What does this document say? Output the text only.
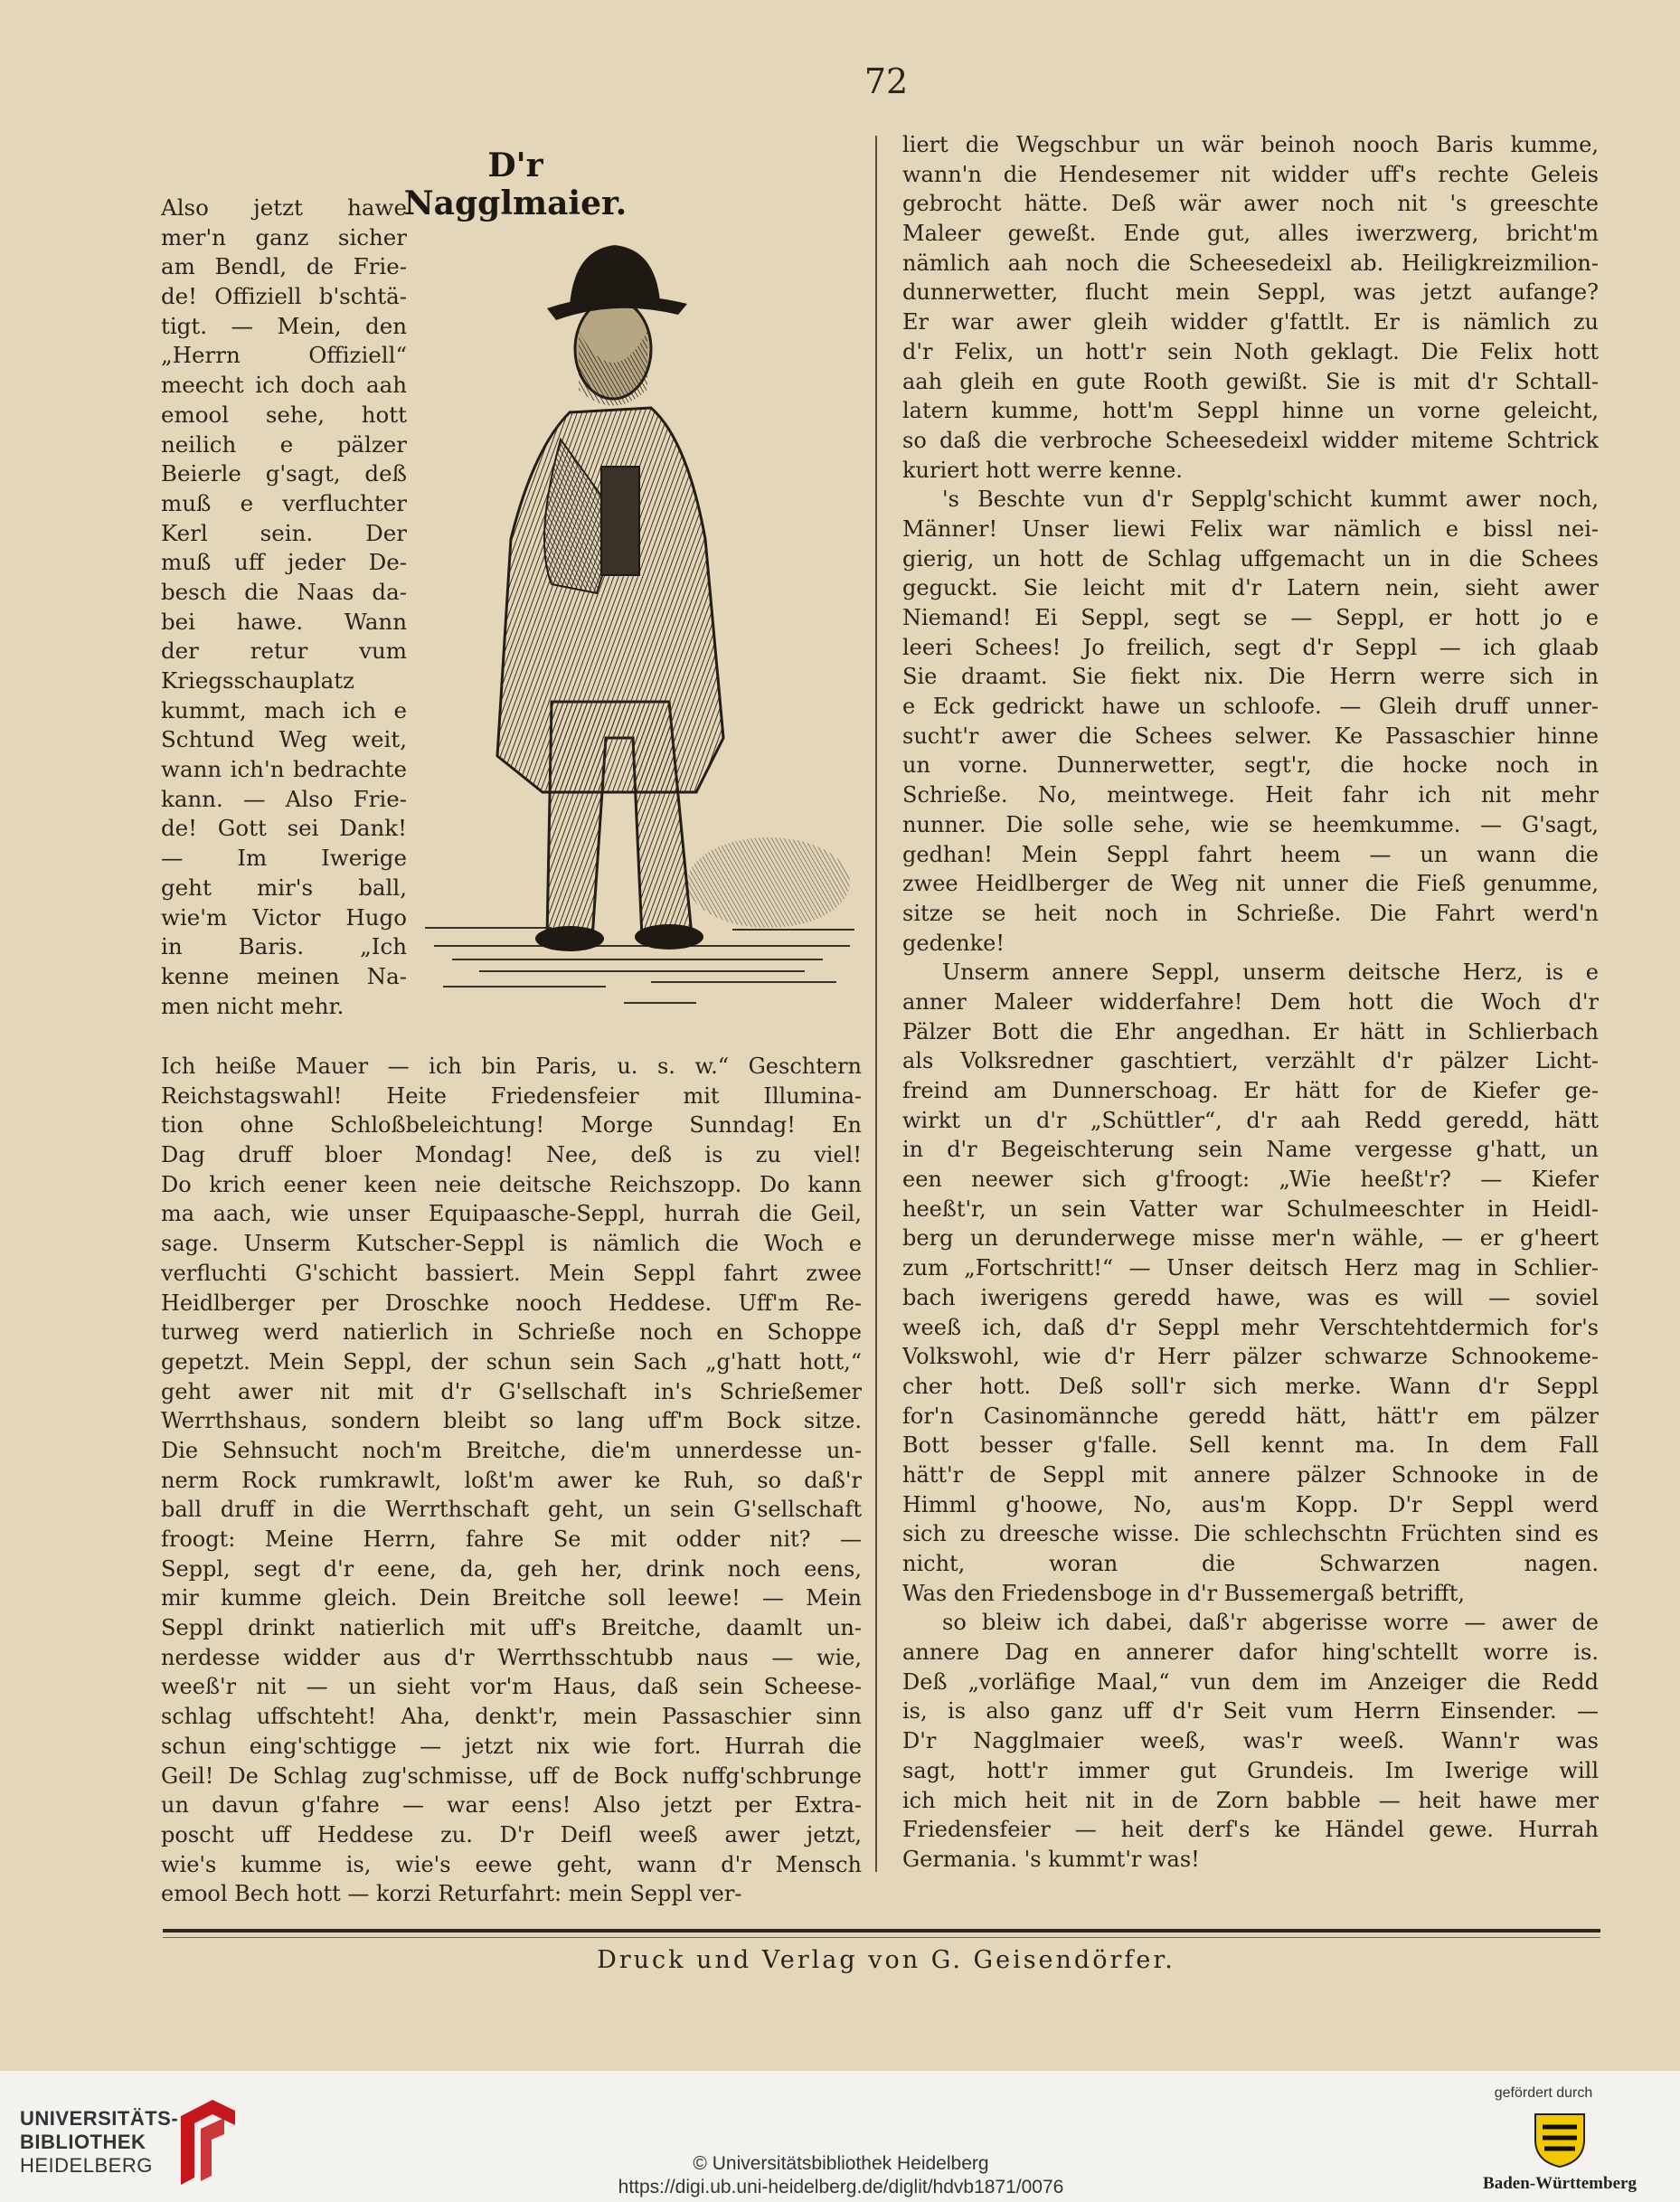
72
D'r Nagglmaier.
Also jetzt hawe
mer'n ganz sicher
am Bendl, de Frie-
de! Offiziell b'schtä-
tigt. — Mein, den
„Herrn Offiziell“
meecht ich doch aah
emool sehe, hott
neilich e pälzer
Beierle g'sagt, deß
muß e verfluchter
Kerl sein. Der
muß uff jeder De-
besch die Naas da-
bei hawe. Wann
der retur vum
Kriegsschauplatz
kummt, mach ich e
Schtund Weg weit,
wann ich'n bedrachte
kann. — Also Frie-
de! Gott sei Dank!
— Im Iwerige
geht mir's ball,
wie'm Victor Hugo
in Baris. „Ich
kenne meinen Na-
men nicht mehr.
Ich heiße Mauer — ich bin Paris, u. s. w.“ Geschtern
Reichstagswahl! Heite Friedensfeier mit Illumina-
tion ohne Schloßbeleichtung! Morge Sunndag! En
Dag druff bloer Mondag! Nee, deß is zu viel!
Do krich eener keen neie deitsche Reichszopp. Do kann
ma aach, wie unser Equipaasche-Seppl, hurrah die Geil,
sage. Unserm Kutscher-Seppl is nämlich die Woch e
verfluchti G'schicht bassiert. Mein Seppl fahrt zwee
Heidlberger per Droschke nooch Heddese. Uff'm Re-
turweg werd natierlich in Schrieße noch en Schoppe
gepetzt. Mein Seppl, der schun sein Sach „g'hatt hott,“
geht awer nit mit d'r G'sellschaft in's Schrießemer
Werrthshaus, sondern bleibt so lang uff'm Bock sitze.
Die Sehnsucht noch'm Breitche, die'm unnerdesse un-
nerm Rock rumkrawlt, loßt'm awer ke Ruh, so daß'r
ball druff in die Werrthschaft geht, un sein G'sellschaft
froogt: Meine Herrn, fahre Se mit odder nit? —
Seppl, segt d'r eene, da, geh her, drink noch eens,
mir kumme gleich. Dein Breitche soll leewe! — Mein
Seppl drinkt natierlich mit uff's Breitche, daamlt un-
nerdesse widder aus d'r Werrthsschtubb naus — wie,
weeß'r nit — un sieht vor'm Haus, daß sein Scheese-
schlag uffschteht! Aha, denkt'r, mein Passaschier sinn
schun eing'schtigge — jetzt nix wie fort. Hurrah die
Geil! De Schlag zug'schmisse, uff de Bock nuffg'schbrunge
un davun g'fahre — war eens! Also jetzt per Extra-
poscht uff Heddese zu. D'r Deifl weeß awer jetzt,
wie's kumme is, wie's eewe geht, wann d'r Mensch
emool Bech hott — korzi Returfahrt: mein Seppl ver-
liert die Wegschbur un wär beinoh nooch Baris kumme,
wann'n die Hendesemer nit widder uff's rechte Geleis
gebrocht hätte. Deß wär awer noch nit 's greeschte
Maleer geweßt. Ende gut, alles iwerzwerg, bricht'm
nämlich aah noch die Scheesedeixl ab. Heiligkreizmilion-
dunnerwetter, flucht mein Seppl, was jetzt aufange?
Er war awer gleih widder g'fattlt. Er is nämlich zu
d'r Felix, un hott'r sein Noth geklagt. Die Felix hott
aah gleih en gute Rooth gewißt. Sie is mit d'r Schtall-
latern kumme, hott'm Seppl hinne un vorne geleicht,
so daß die verbroche Scheesedeixl widder miteme Schtrick
kuriert hott werre kenne.
's Beschte vun d'r Sepplg'schicht kummt awer noch,
Männer! Unser liewi Felix war nämlich e bissl nei-
gierig, un hott de Schlag uffgemacht un in die Schees
geguckt. Sie leicht mit d'r Latern nein, sieht awer
Niemand! Ei Seppl, segt se — Seppl, er hott jo e
leeri Schees! Jo freilich, segt d'r Seppl — ich glaab
Sie draamt. Sie fiekt nix. Die Herrn werre sich in
e Eck gedrickt hawe un schloofe. — Gleih druff unner-
sucht'r awer die Schees selwer. Ke Passaschier hinne
un vorne. Dunnerwetter, segt'r, die hocke noch in
Schrieße. No, meintwege. Heit fahr ich nit mehr
nunner. Die solle sehe, wie se heemkumme. — G'sagt,
gedhan! Mein Seppl fahrt heem — un wann die
zwee Heidlberger de Weg nit unner die Fieß genumme,
sitze se heit noch in Schrieße. Die Fahrt werd'n
gedenke!
Unserm annere Seppl, unserm deitsche Herz, is e
anner Maleer widderfahre! Dem hott die Woch d'r
Pälzer Bott die Ehr angedhan. Er hätt in Schlierbach
als Volksredner gaschtiert, verzählt d'r pälzer Licht-
freind am Dunnerschoag. Er hätt for de Kiefer ge-
wirkt un d'r „Schüttler“, d'r aah Redd geredd, hätt
in d'r Begeischterung sein Name vergesse g'hatt, un
een neewer sich g'froogt: „Wie heeßt'r? — Kiefer
heeßt'r, un sein Vatter war Schulmeeschter in Heidl-
berg un derunderwege misse mer'n wähle, — er g'heert
zum „Fortschritt!“ — Unser deitsch Herz mag in Schlier-
bach iwerigens geredd hawe, was es will — soviel
weeß ich, daß d'r Seppl mehr Verschtehtdermich for's
Volkswohl, wie d'r Herr pälzer schwarze Schnookeme-
cher hott. Deß soll'r sich merke. Wann d'r Seppl
for'n Casinomännche geredd hätt, hätt'r em pälzer
Bott besser g'falle. Sell kennt ma. In dem Fall
hätt'r de Seppl mit annere pälzer Schnooke in de
Himml g'hoowe, No, aus'm Kopp. D'r Seppl werd
sich zu dreesche wisse. Die schlechschtn Früchten sind es
nicht, woran die Schwarzen nagen.
Was den Friedensboge in d'r Bussemergaß betrifft,
so bleiw ich dabei, daß'r abgerisse worre — awer de
annere Dag en annerer dafor hing'schtellt worre is.
Deß „vorläfige Maal,“ vun dem im Anzeiger die Redd
is, is also ganz uff d'r Seit vum Herrn Einsender. —
D'r Nagglmaier weeß, was'r weeß. Wann'r was
sagt, hott'r immer gut Grundeis. Im Iwerige will
ich mich heit nit in de Zorn babble — heit hawe mer
Friedensfeier — heit derf's ke Händel gewe. Hurrah
Germania. 's kummt'r was!
Druck und Verlag von G. Geisendörfer.
UNIVERSITÄTS-
BIBLIOTHEK
HEIDELBERG	© Universitätsbibliothek Heidelberg
https://digi.ub.uni-heidelberg.de/diglit/hdvb1871/0076
gefördert durch
Baden-Württemberg
